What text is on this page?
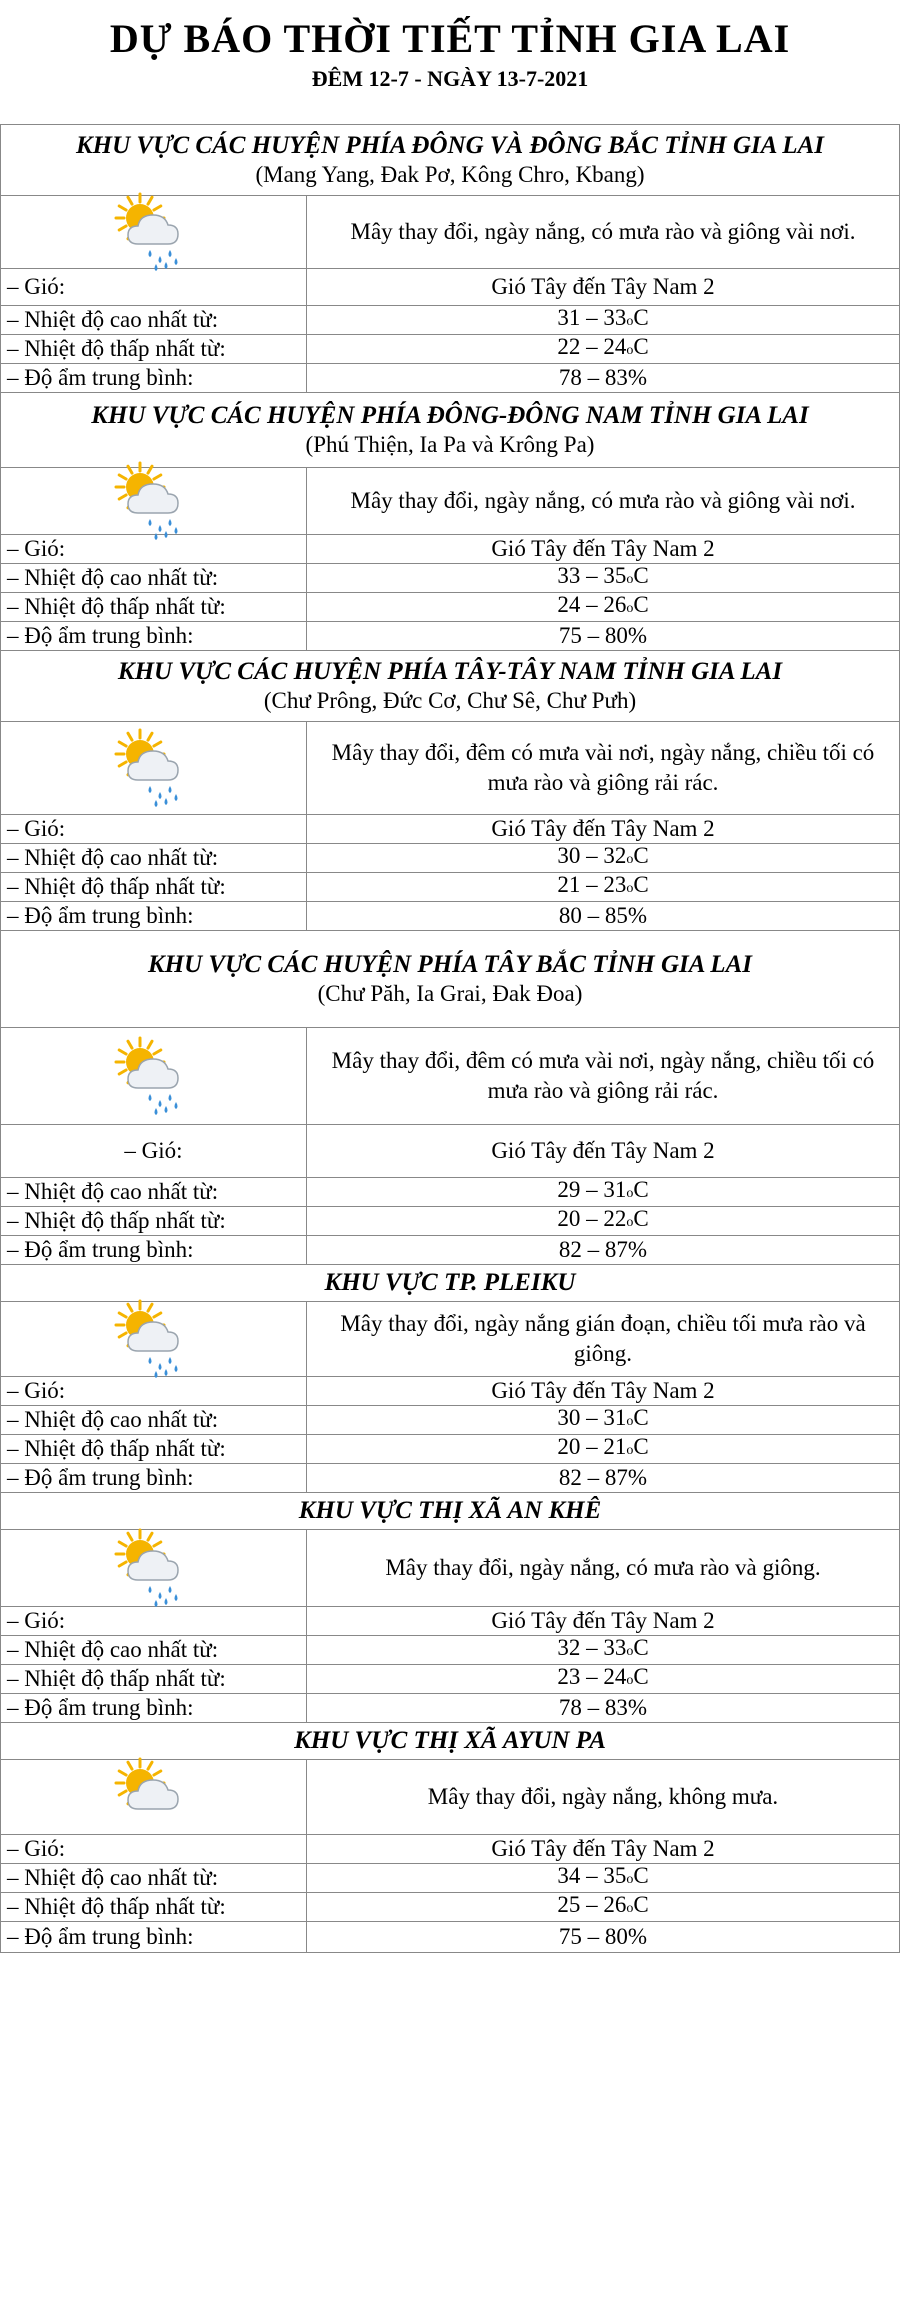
DỰ BÁO THỜI TIẾT TỈNH GIA LAI
ĐÊM 12-7 - NGÀY 13-7-2021
KHU VỰC CÁC HUYỆN PHÍA ĐÔNG VÀ ĐÔNG BẮC TỈNH GIA LAI
(Mang Yang, Đak Pơ, Kông Chro, Kbang)
Mây thay đổi, ngày nắng, có mưa rào và giông vài nơi.
– Gió:	Gió Tây đến Tây Nam 2
– Nhiệt độ cao nhất từ:	31 – 33 o C
– Nhiệt độ thấp nhất từ:	22 – 24 o C
– Độ ẩm trung bình:	78 – 83%
KHU VỰC CÁC HUYỆN PHÍA ĐÔNG-ĐÔNG NAM TỈNH GIA LAI
(Phú Thiện, Ia Pa và Krông Pa)
Mây thay đổi, ngày nắng, có mưa rào và giông vài nơi.
– Gió:	Gió Tây đến Tây Nam 2
– Nhiệt độ cao nhất từ:	33 – 35 o C
– Nhiệt độ thấp nhất từ:	24 – 26 o C
– Độ ẩm trung bình:	75 – 80%
KHU VỰC CÁC HUYỆN PHÍA TÂY-TÂY NAM TỈNH GIA LAI
(Chư Prông, Đức Cơ, Chư Sê, Chư Pưh)
Mây thay đổi, đêm có mưa vài nơi, ngày nắng, chiều tối có mưa rào và giông rải rác.
– Gió:	Gió Tây đến Tây Nam 2
– Nhiệt độ cao nhất từ:	30 – 32 o C
– Nhiệt độ thấp nhất từ:	21 – 23 o C
– Độ ẩm trung bình:	80 – 85%
KHU VỰC CÁC HUYỆN PHÍA TÂY BẮC TỈNH GIA LAI
(Chư Păh, Ia Grai, Đak Đoa)
Mây thay đổi, đêm có mưa vài nơi, ngày nắng, chiều tối có mưa rào và giông rải rác.
– Gió:	Gió Tây đến Tây Nam 2
– Nhiệt độ cao nhất từ:	29 – 31 o C
– Nhiệt độ thấp nhất từ:	20 – 22 o C
– Độ ẩm trung bình:	82 – 87%
KHU VỰC TP. PLEIKU
Mây thay đổi, ngày nắng gián đoạn, chiều tối mưa rào và giông.
– Gió:	Gió Tây đến Tây Nam 2
– Nhiệt độ cao nhất từ:	30 – 31 o C
– Nhiệt độ thấp nhất từ:	20 – 21 o C
– Độ ẩm trung bình:	82 – 87%
KHU VỰC THỊ XÃ AN KHÊ
Mây thay đổi, ngày nắng, có mưa rào và giông.
– Gió:	Gió Tây đến Tây Nam 2
– Nhiệt độ cao nhất từ:	32 – 33 o C
– Nhiệt độ thấp nhất từ:	23 – 24 o C
– Độ ẩm trung bình:	78 – 83%
KHU VỰC THỊ XÃ AYUN PA
Mây thay đổi, ngày nắng, không mưa.
– Gió:	Gió Tây đến Tây Nam 2
– Nhiệt độ cao nhất từ:	34 – 35 o C
– Nhiệt độ thấp nhất từ:	25 – 26 o C
– Độ ẩm trung bình:	75 – 80%
